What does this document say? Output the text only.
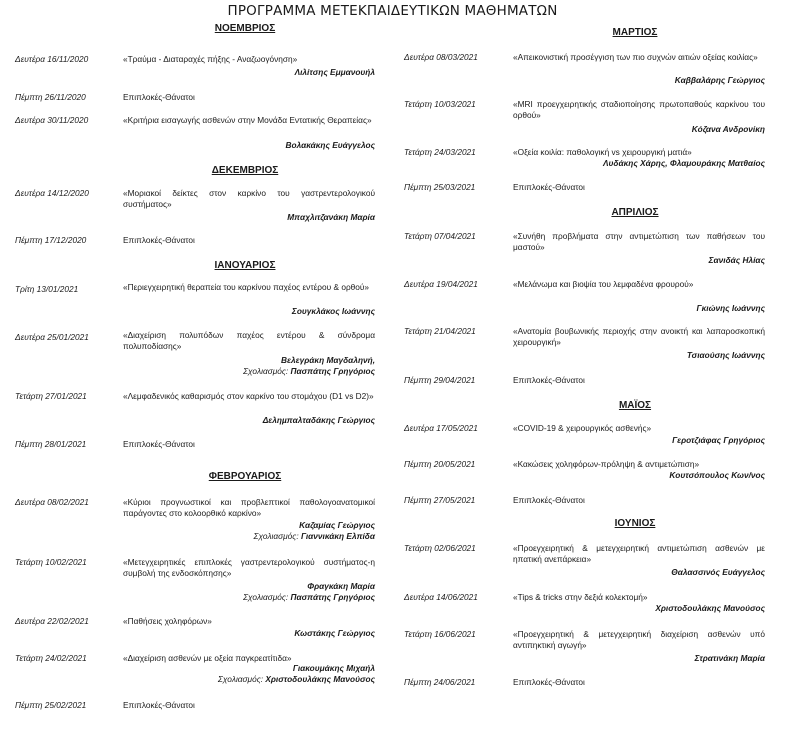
ΠΡΟΓΡΑΜΜΑ ΜΕΤΕΚΠΑΙΔΕΥΤΙΚΩΝ ΜΑΘΗΜΑΤΩΝ
ΝΟΕΜΒΡΙΟΣ
Δευτέρα 16/11/2020	«Τραύμα - Διαταραχές πήξης - Αναζωογόνηση»
Λιλίτσης Εμμανουήλ
Πέμπτη 26/11/2020	Επιπλοκές-Θάνατοι
Δευτέρα 30/11/2020	«Κριτήρια εισαγωγής ασθενών στην Μονάδα Εντατικής Θεραπείας»
Βολακάκης Ευάγγελος
ΔΕΚΕΜΒΡΙΟΣ
Δευτέρα 14/12/2020	«Μοριακοί δείκτες στον καρκίνο του γαστρεντερολογικού συστήματος»
Μπαχλιτζανάκη Μαρία
Πέμπτη 17/12/2020	Επιπλοκές-Θάνατοι
ΙΑΝΟΥΑΡΙΟΣ
Τρίτη 13/01/2021	«Περιεγχειρητική θεραπεία του καρκίνου παχέος εντέρου & ορθού»
Σουγκλάκος Ιωάννης
Δευτέρα 25/01/2021	«Διαχείριση πολυπόδων παχέος εντέρου & σύνδρομα πολυποδίασης»
Βελεγράκη Μαγδαληνή,
Σχολιασμός: Πασπάτης Γρηγόριος
Τετάρτη 27/01/2021	«Λεμφαδενικός καθαρισμός στον καρκίνο του στομάχου (D1 vs D2)»
Δεληµπαλταδάκης Γεώργιος
Πέμπτη 28/01/2021	Επιπλοκές-Θάνατοι
ΦΕΒΡΟΥΑΡΙΟΣ
Δευτέρα 08/02/2021	«Κύριοι προγνωστικοί και προβλεπτικοί παθολογοανατομικοί παράγοντες στο κολοορθικό καρκίνο»
Καζαμίας Γεώργιος
Σχολιασμός: Γιαννικάκη Ελπίδα
Τετάρτη 10/02/2021	«Μετεγχειρητικές επιπλοκές γαστρεντερολογικού συστήματος-η συμβολή της ενδοσκόπησης»
Φραγκάκη Μαρία
Σχολιασμός: Πασπάτης Γρηγόριος
Δευτέρα 22/02/2021	«Παθήσεις χοληφόρων»
Κωστάκης Γεώργιος
Τετάρτη 24/02/2021	«Διαχείριση ασθενών με οξεία παγκρεατίτιδα»
Γιακουμάκης Μιχαήλ
Σχολιασμός: Χριστοδουλάκης Μανούσος
Πέμπτη 25/02/2021	Επιπλοκές-Θάνατοι
ΜΑΡΤΙΟΣ
Δευτέρα 08/03/2021	«Απεικονιστική προσέγγιση των πιο συχνών αιτιών οξείας κοιλίας»
Καββαλάρης Γεώργιος
Τετάρτη 10/03/2021	«MRI προεγχειρητικής σταδιοποίησης πρωτοπαθούς καρκίνου του ορθού»
Κόζανα Ανδρονίκη
Τετάρτη 24/03/2021	«Οξεία κοιλία: παθολογική vs χειρουργική ματιά»
Λυδάκης Χάρης, Φλαμουράκης Ματθαίος
Πέμπτη 25/03/2021	Επιπλοκές-Θάνατοι
ΑΠΡΙΛΙΟΣ
Τετάρτη 07/04/2021	«Συνήθη προβλήματα στην αντιμετώπιση των παθήσεων του μαστού»
Σανιδάς Ηλίας
Δευτέρα 19/04/2021	«Μελάνωμα και βιοψία του λεμφαδένα φρουρού»
Γκιώνης Ιωάννης
Τετάρτη 21/04/2021	«Ανατομία βουβωνικής περιοχής στην ανοικτή και λαπαροσκοπική χειρουργική»
Τσιαούσης Ιωάννης
Πέμπτη 29/04/2021	Επιπλοκές-Θάνατοι
ΜΑΪΟΣ
Δευτέρα 17/05/2021	«COVID-19 & χειρουργικός ασθενής»
Γεροτζιάφας Γρηγόριος
Πέμπτη 20/05/2021	«Κακώσεις χοληφόρων-πρόληψη & αντιμετώπιση»
Κουτσόπουλος Κων/νος
Πέμπτη 27/05/2021	Επιπλοκές-Θάνατοι
ΙΟΥΝΙΟΣ
Τετάρτη 02/06/2021	«Προεγχειρητική & μετεγχειρητική αντιμετώπιση ασθενών με ηπατική ανεπάρκεια»
Θαλασσινός Ευάγγελος
Δευτέρα 14/06/2021	«Tips & tricks στην δεξιά κολεκτομή»
Χριστοδουλάκης Μανούσος
Τετάρτη 16/06/2021	«Προεγχειρητική & μετεγχειρητική διαχείριση ασθενών υπό αντιπηκτική αγωγή»
Στρατινάκη Μαρία
Πέμπτη 24/06/2021	Επιπλοκές-Θάνατοι
